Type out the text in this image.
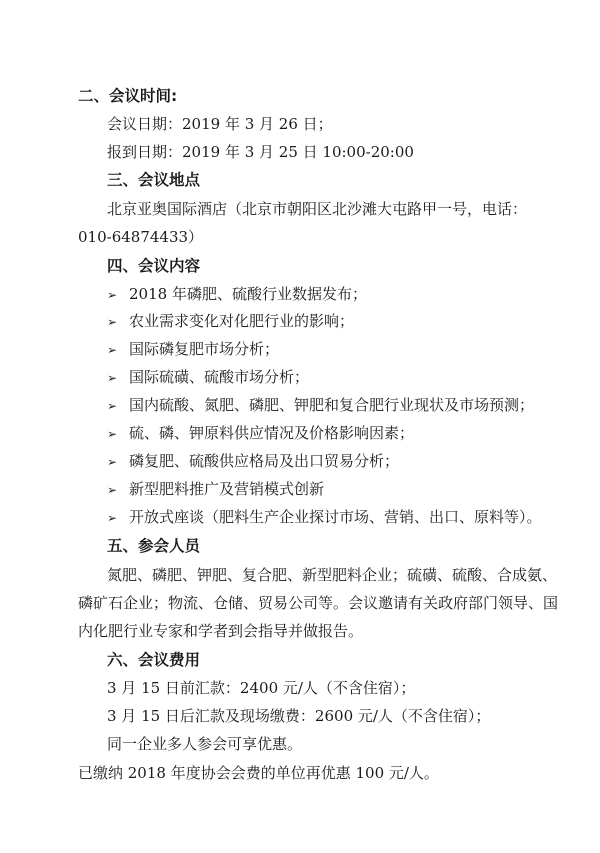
二、会议时间:
会议日期：2019 年 3 月 26 日；
报到日期：2019 年 3 月 25 日 10:00-20:00
三、会议地点
北京亚奥国际酒店（北京市朝阳区北沙滩大屯路甲一号，电话：
010-64874433）
四、会议内容
➢ 2018 年磷肥、硫酸行业数据发布；
➢ 农业需求变化对化肥行业的影响；
➢ 国际磷复肥市场分析；
➢ 国际硫磺、硫酸市场分析；
➢ 国内硫酸、氮肥、磷肥、钾肥和复合肥行业现状及市场预测；
➢ 硫、磷、钾原料供应情况及价格影响因素；
➢ 磷复肥、硫酸供应格局及出口贸易分析；
➢ 新型肥料推广及营销模式创新
➢ 开放式座谈（肥料生产企业探讨市场、营销、出口、原料等）。
五、参会人员
氮肥、磷肥、钾肥、复合肥、新型肥料企业；硫磺、硫酸、合成氨、
磷矿石企业；物流、仓储、贸易公司等。会议邀请有关政府部门领导、国
内化肥行业专家和学者到会指导并做报告。
六、会议费用
3 月 15 日前汇款：2400 元/人（不含住宿）；
3 月 15 日后汇款及现场缴费：2600 元/人（不含住宿）；
同一企业多人参会可享优惠。
已缴纳 2018 年度协会会费的单位再优惠 100 元/人。
